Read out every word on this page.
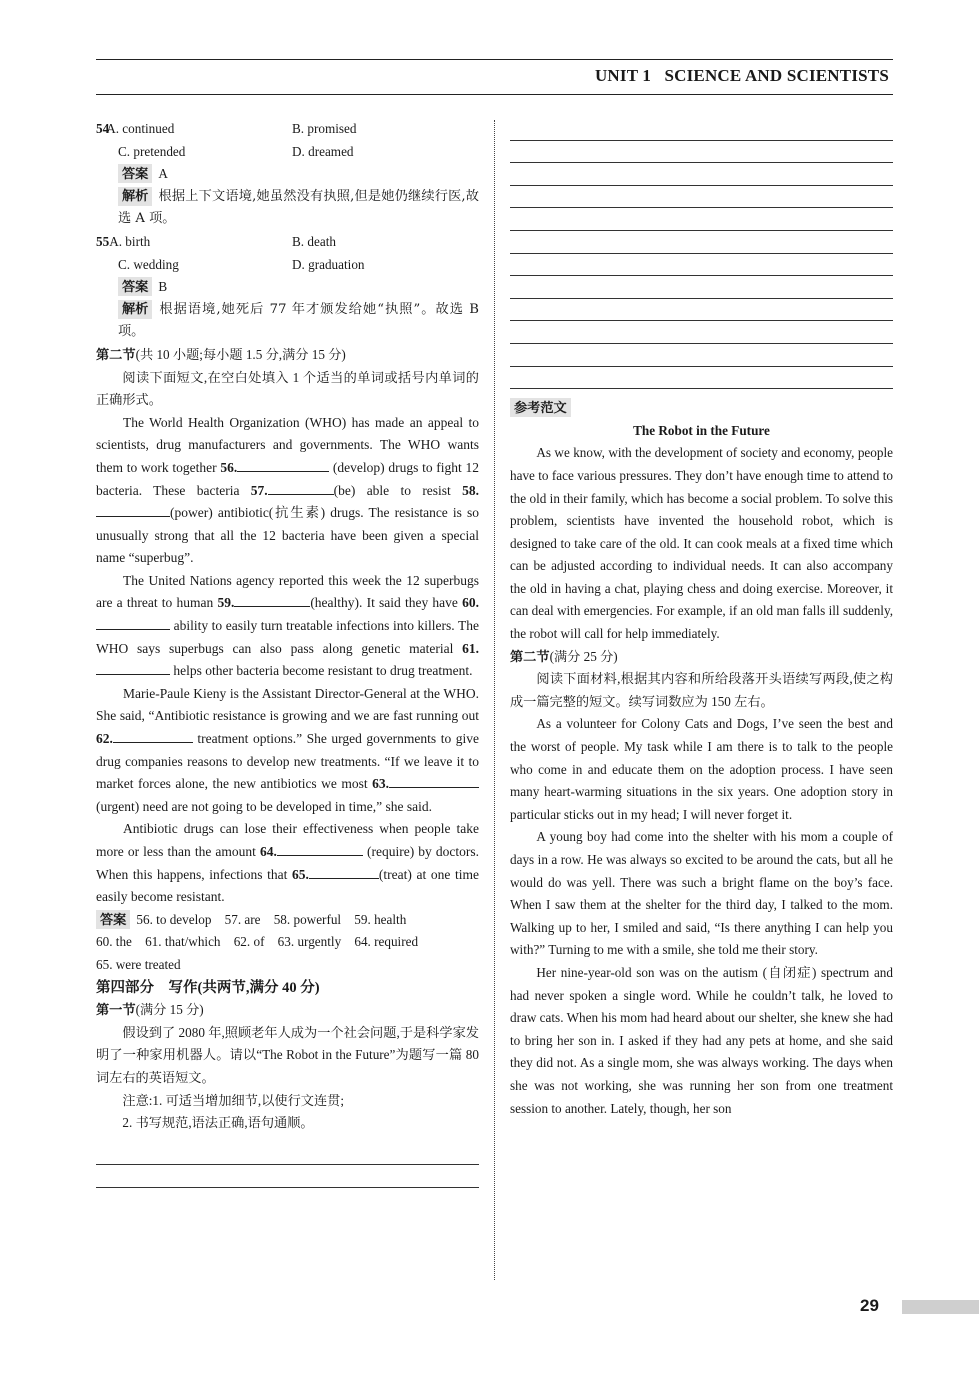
UNIT 1 SCIENCE AND SCIENTISTS
54A. continued	B. promised
C. pretended	D. dreamed
答案 A

解析 根据上下文语境,她虽然没有执照,但是她仍继续行医,故选 A 项。

55A. birth	B. death
C. wedding	D. graduation
答案 B

解析 根据语境,她死后 77 年才颁发给她“执照”。故选 B 项。

第二节(共 10 小题;每小题 1.5 分,满分 15 分)

阅读下面短文,在空白处填入 1 个适当的单词或括号内单词的正确形式。

The World Health Organization (WHO) has made an appeal to scientists, drug manufacturers and governments. The WHO wants them to work together 56.	(develop) drugs to fight 12 bacteria. These bacteria 57.	(be) able to resist 58.(power) antibiotic(抗生素) drugs. The resistance is so unusually strong that all the 12 bacteria have been given a special name “superbug”.

The United Nations agency reported this week the 12 superbugs are a threat to human 59.	(healthy). It said they have 60. ability to easily turn treatable infections into killers. The WHO says superbugs can also pass along genetic material 61. helps other bacteria become resistant to drug treatment.

Marie-Paule Kieny is the Assistant Director-General at the WHO. She said, “Antibiotic resistance is growing and we are fast running out 62.	treatment options.” She urged governments to give drug companies reasons to develop new treatments. “If we leave it to market forces alone, the new antibiotics we most 63. (urgent) need are not going to be developed in time,” she said.

Antibiotic drugs can lose their effectiveness when people take more or less than the amount 64.	(require) by doctors. When this happens, infections that 65.	(treat) at one time easily become resistant.

答案 56. to develop　57. are　58. powerful　59. health
60. the　61. that/which　62. of　63. urgently　64. required
65. were treated
第四部分　写作(共两节,满分 40 分)
第一节(满分 15 分)

假设到了 2080 年,照顾老年人成为一个社会问题,于是科学家发明了一种家用机器人。请以“The Robot in the Future”为题写一篇 80 词左右的英语短文。

注意:1. 可适当增加细节,以使行文连贯;
2. 书写规范,语法正确,语句通顺。
参考范文
The Robot in the Future

As we know, with the development of society and economy, people have to face various pressures. They don’t have enough time to attend to the old in their family, which has become a social problem. To solve this problem, scientists have invented the household robot, which is designed to take care of the old. It can cook meals at a fixed time which can be adjusted according to individual needs. It can also accompany the old in having a chat, playing chess and doing exercise. Moreover, it can deal with emergencies. For example, if an old man falls ill suddenly, the robot will call for help immediately.

第二节(满分 25 分)

阅读下面材料,根据其内容和所给段落开头语续写两段,使之构成一篇完整的短文。续写词数应为 150 左右。

As a volunteer for Colony Cats and Dogs, I’ve seen the best and the worst of people. My task while I am there is to talk to the people who come in and educate them on the adoption process. I have seen many heart-warming situations in the six years. One adoption story in particular sticks out in my head; I will never forget it.

A young boy had come into the shelter with his mom a couple of days in a row. He was always so excited to be around the cats, but all he would do was yell. There was such a bright flame on the boy’s face. When I saw them at the shelter for the third day, I talked to the mom. Walking up to her, I smiled and said, “Is there anything I can help you with?” Turning to me with a smile, she told me their story.

Her nine-year-old son was on the autism (自闭症) spectrum and had never spoken a single word. While he couldn’t talk, he loved to draw cats. When his mom had heard about our shelter, she knew she had to bring her son in. I asked if they had any pets at home, and she said they did not. As a single mom, she was always working. The days when she was not working, she was running her son from one treatment session to another. Lately, though, her son

29
